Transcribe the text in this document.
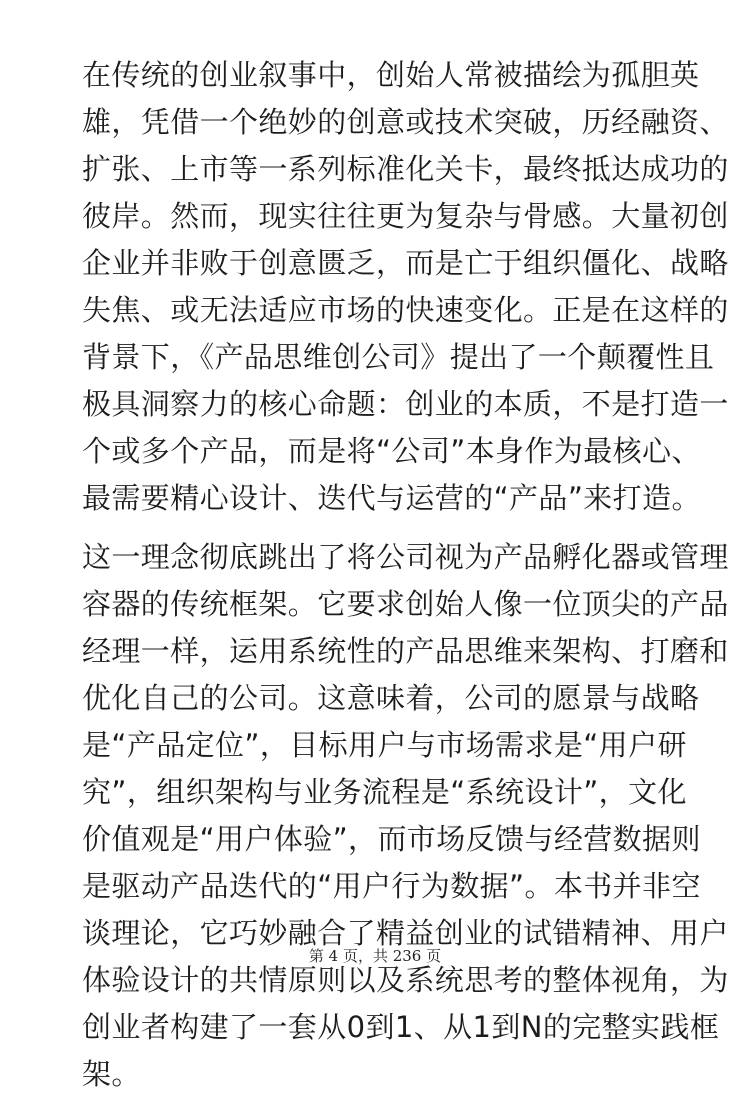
在传统的创业叙事中，创始人常被描绘为孤胆英
雄，凭借一个绝妙的创意或技术突破，历经融资、
扩张、上市等一系列标准化关卡，最终抵达成功的
彼岸。然而，现实往往更为复杂与骨感。大量初创
企业并非败于创意匮乏，而是亡于组织僵化、战略
失焦、或无法适应市场的快速变化。正是在这样的
背景下，《产品思维创公司》提出了一个颠覆性且
极具洞察力的核心命题：创业的本质，不是打造一
个或多个产品，而是将“公司”本身作为最核心、
最需要精心设计、迭代与运营的“产品”来打造。
这一理念彻底跳出了将公司视为产品孵化器或管理
容器的传统框架。它要求创始人像一位顶尖的产品
经理一样，运用系统性的产品思维来架构、打磨和
优化自己的公司。这意味着，公司的愿景与战略
是“产品定位”，目标用户与市场需求是“用户研
究”，组织架构与业务流程是“系统设计”，文化
价值观是“用户体验”，而市场反馈与经营数据则
是驱动产品迭代的“用户行为数据”。本书并非空
谈理论，它巧妙融合了精益创业的试错精神、用户
体验设计的共情原则以及系统思考的整体视角，为
创业者构建了一套从0到1、从1到N的完整实践框
架。
第 4 页，共 236 页
